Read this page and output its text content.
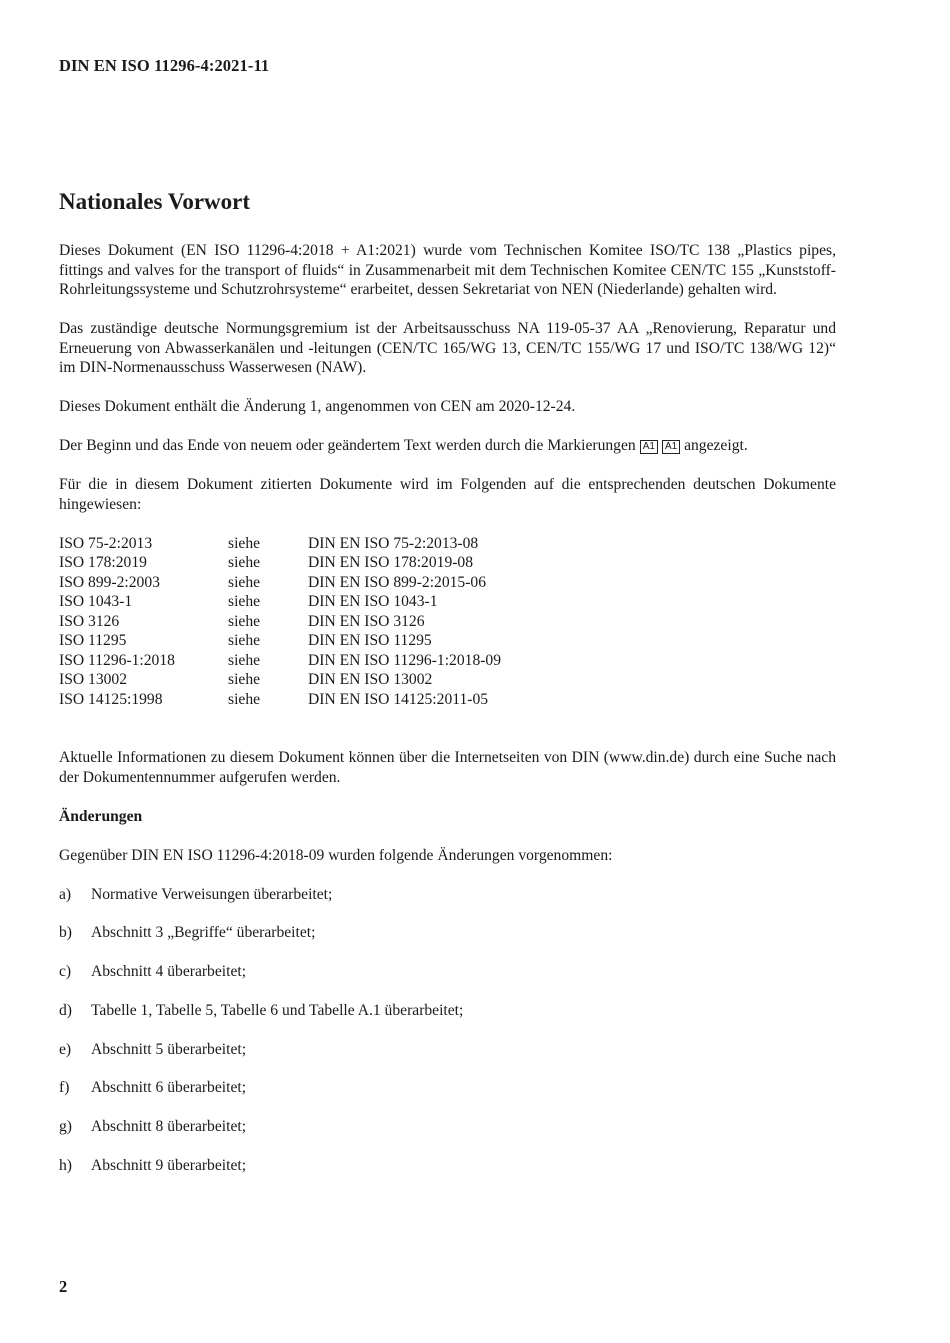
DIN EN ISO 11296-4:2021-11
Nationales Vorwort

Dieses Dokument (EN ISO 11296-4:2018 + A1:2021) wurde vom Technischen Komitee ISO/TC 138 „Plastics pipes, fittings and valves for the transport of fluids“ in Zusammenarbeit mit dem Technischen Komitee CEN/TC 155 „Kunststoff-Rohrleitungssysteme und Schutzrohrsysteme“ erarbeitet, dessen Sekretariat von NEN (Niederlande) gehalten wird.

Das zuständige deutsche Normungsgremium ist der Arbeitsausschuss NA 119-05-37 AA „Renovierung, Reparatur und Erneuerung von Abwasserkanälen und -leitungen (CEN/TC 165/WG 13, CEN/TC 155/WG 17 und ISO/TC 138/WG 12)“ im DIN-Normenausschuss Wasserwesen (NAW).

Dieses Dokument enthält die Änderung 1, angenommen von CEN am 2020-12-24.

Der Beginn und das Ende von neuem oder geändertem Text werden durch die Markierungen A1 A1 angezeigt.

Für die in diesem Dokument zitierten Dokumente wird im Folgenden auf die entsprechenden deutschen Dokumente hingewiesen:

ISO 75-2:2013	siehe	DIN EN ISO 75-2:2013-08
ISO 178:2019	siehe	DIN EN ISO 178:2019-08
ISO 899-2:2003	siehe	DIN EN ISO 899-2:2015-06
ISO 1043-1	siehe	DIN EN ISO 1043-1
ISO 3126	siehe	DIN EN ISO 3126
ISO 11295	siehe	DIN EN ISO 11295
ISO 11296-1:2018	siehe	DIN EN ISO 11296-1:2018-09
ISO 13002	siehe	DIN EN ISO 13002
ISO 14125:1998	siehe	DIN EN ISO 14125:2011-05

Aktuelle Informationen zu diesem Dokument können über die Internetseiten von DIN (www.din.de) durch eine Suche nach der Dokumentennummer aufgerufen werden.

Änderungen

Gegenüber DIN EN ISO 11296-4:2018-09 wurden folgende Änderungen vorgenommen:

a)	Normative Verweisungen überarbeitet;
b)	Abschnitt 3 „Begriffe“ überarbeitet;
c)	Abschnitt 4 überarbeitet;
d)	Tabelle 1, Tabelle 5, Tabelle 6 und Tabelle A.1 überarbeitet;
e)	Abschnitt 5 überarbeitet;
f)	Abschnitt 6 überarbeitet;
g)	Abschnitt 8 überarbeitet;
h)	Abschnitt 9 überarbeitet;
2
